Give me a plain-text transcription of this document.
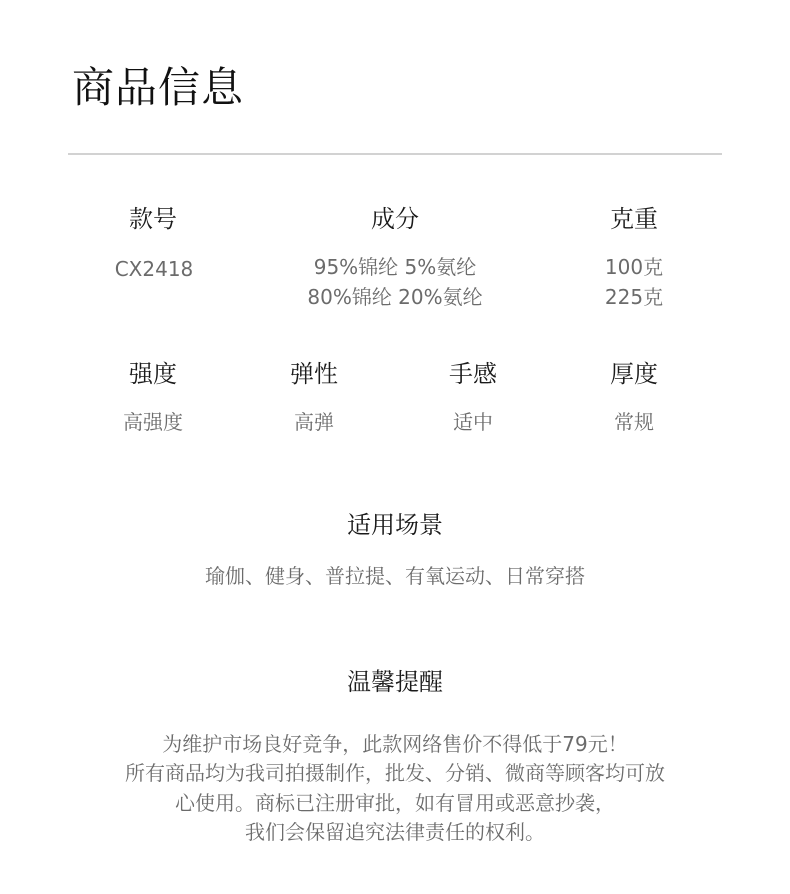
商品信息
款号
CX2418
成分
95%锦纶 5%氨纶
80%锦纶 20%氨纶
克重
100克
225克
强度
高强度
弹性
高弹
手感
适中
厚度
常规
适用场景
瑜伽、健身、普拉提、有氧运动、日常穿搭
温馨提醒
为维护市场良好竞争，此款网络售价不得低于79元！
所有商品均为我司拍摄制作，批发、分销、微商等顾客均可放
心使用。商标已注册审批，如有冒用或恶意抄袭，
我们会保留追究法律责任的权利。
